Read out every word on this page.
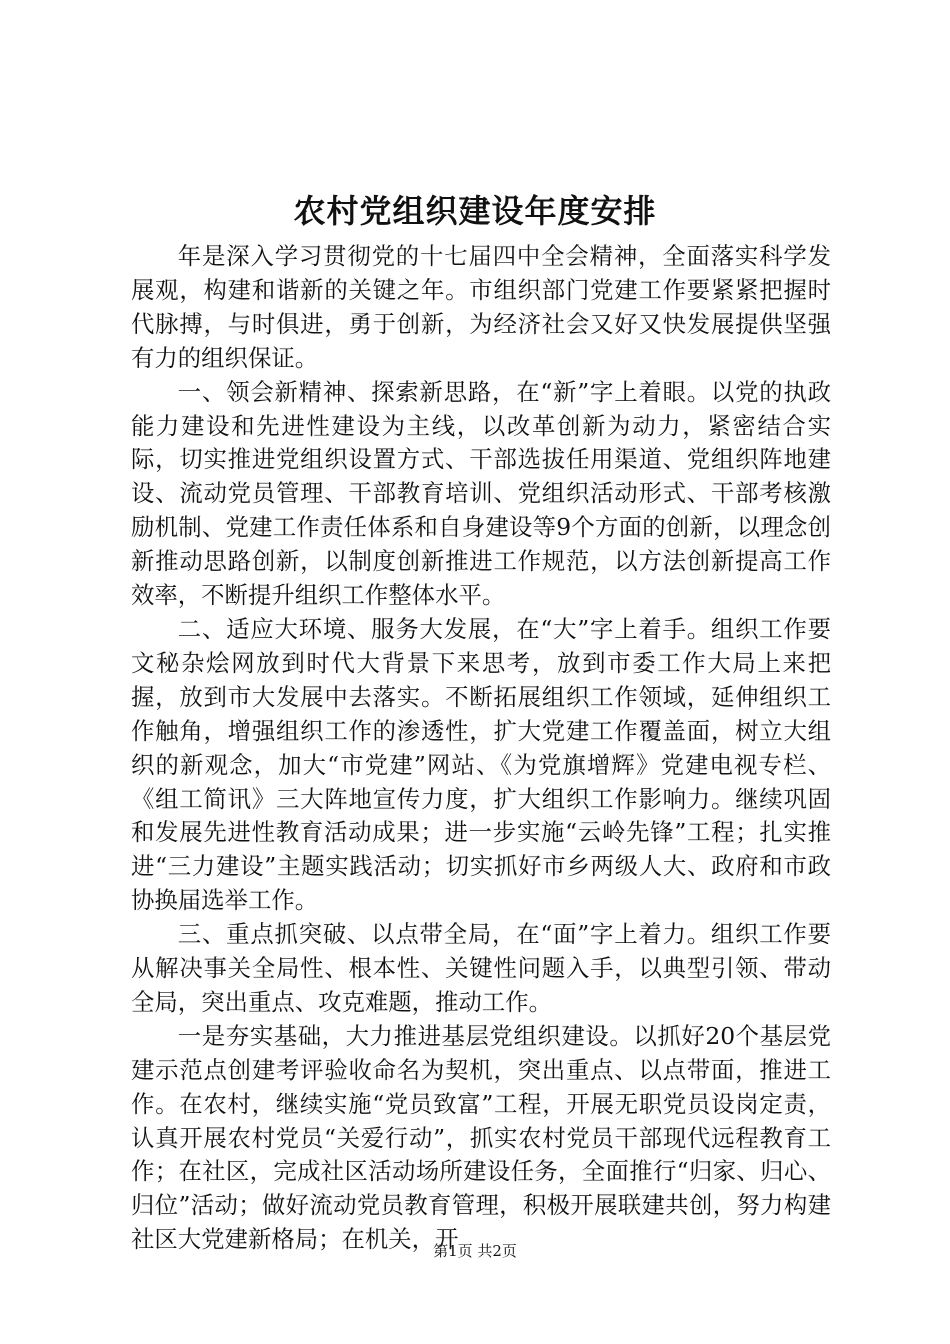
农村党组织建设年度安排

年是深入学习贯彻党的十七届四中全会精神，全面落实科学发展观，构建和谐新的关键之年。市组织部门党建工作要紧紧把握时代脉搏，与时俱进，勇于创新，为经济社会又好又快发展提供坚强有力的组织保证。

一、领会新精神、探索新思路，在“新”字上着眼。以党的执政能力建设和先进性建设为主线，以改革创新为动力，紧密结合实际，切实推进党组织设置方式、干部选拔任用渠道、党组织阵地建设、流动党员管理、干部教育培训、党组织活动形式、干部考核激励机制、党建工作责任体系和自身建设等9个方面的创新，以理念创新推动思路创新，以制度创新推进工作规范，以方法创新提高工作效率，不断提升组织工作整体水平。

二、适应大环境、服务大发展，在“大”字上着手。组织工作要文秘杂烩网放到时代大背景下来思考，放到市委工作大局上来把握，放到市大发展中去落实。不断拓展组织工作领域，延伸组织工作触角，增强组织工作的渗透性，扩大党建工作覆盖面，树立大组织的新观念，加大“市党建”网站、《为党旗增辉》党建电视专栏、《组工简讯》三大阵地宣传力度，扩大组织工作影响力。继续巩固和发展先进性教育活动成果；进一步实施“云岭先锋”工程；扎实推进“三力建设”主题实践活动；切实抓好市乡两级人大、政府和市政协换届选举工作。

三、重点抓突破、以点带全局，在“面”字上着力。组织工作要从解决事关全局性、根本性、关键性问题入手，以典型引领、带动全局，突出重点、攻克难题，推动工作。

一是夯实基础，大力推进基层党组织建设。以抓好20个基层党建示范点创建考评验收命名为契机，突出重点、以点带面，推进工作。在农村，继续实施“党员致富”工程，开展无职党员设岗定责，认真开展农村党员“关爱行动”，抓实农村党员干部现代远程教育工作；在社区，完成社区活动场所建设任务，全面推行“归家、归心、归位”活动；做好流动党员教育管理，积极开展联建共创，努力构建社区大党建新格局；在机关，开

第1页 共2页
